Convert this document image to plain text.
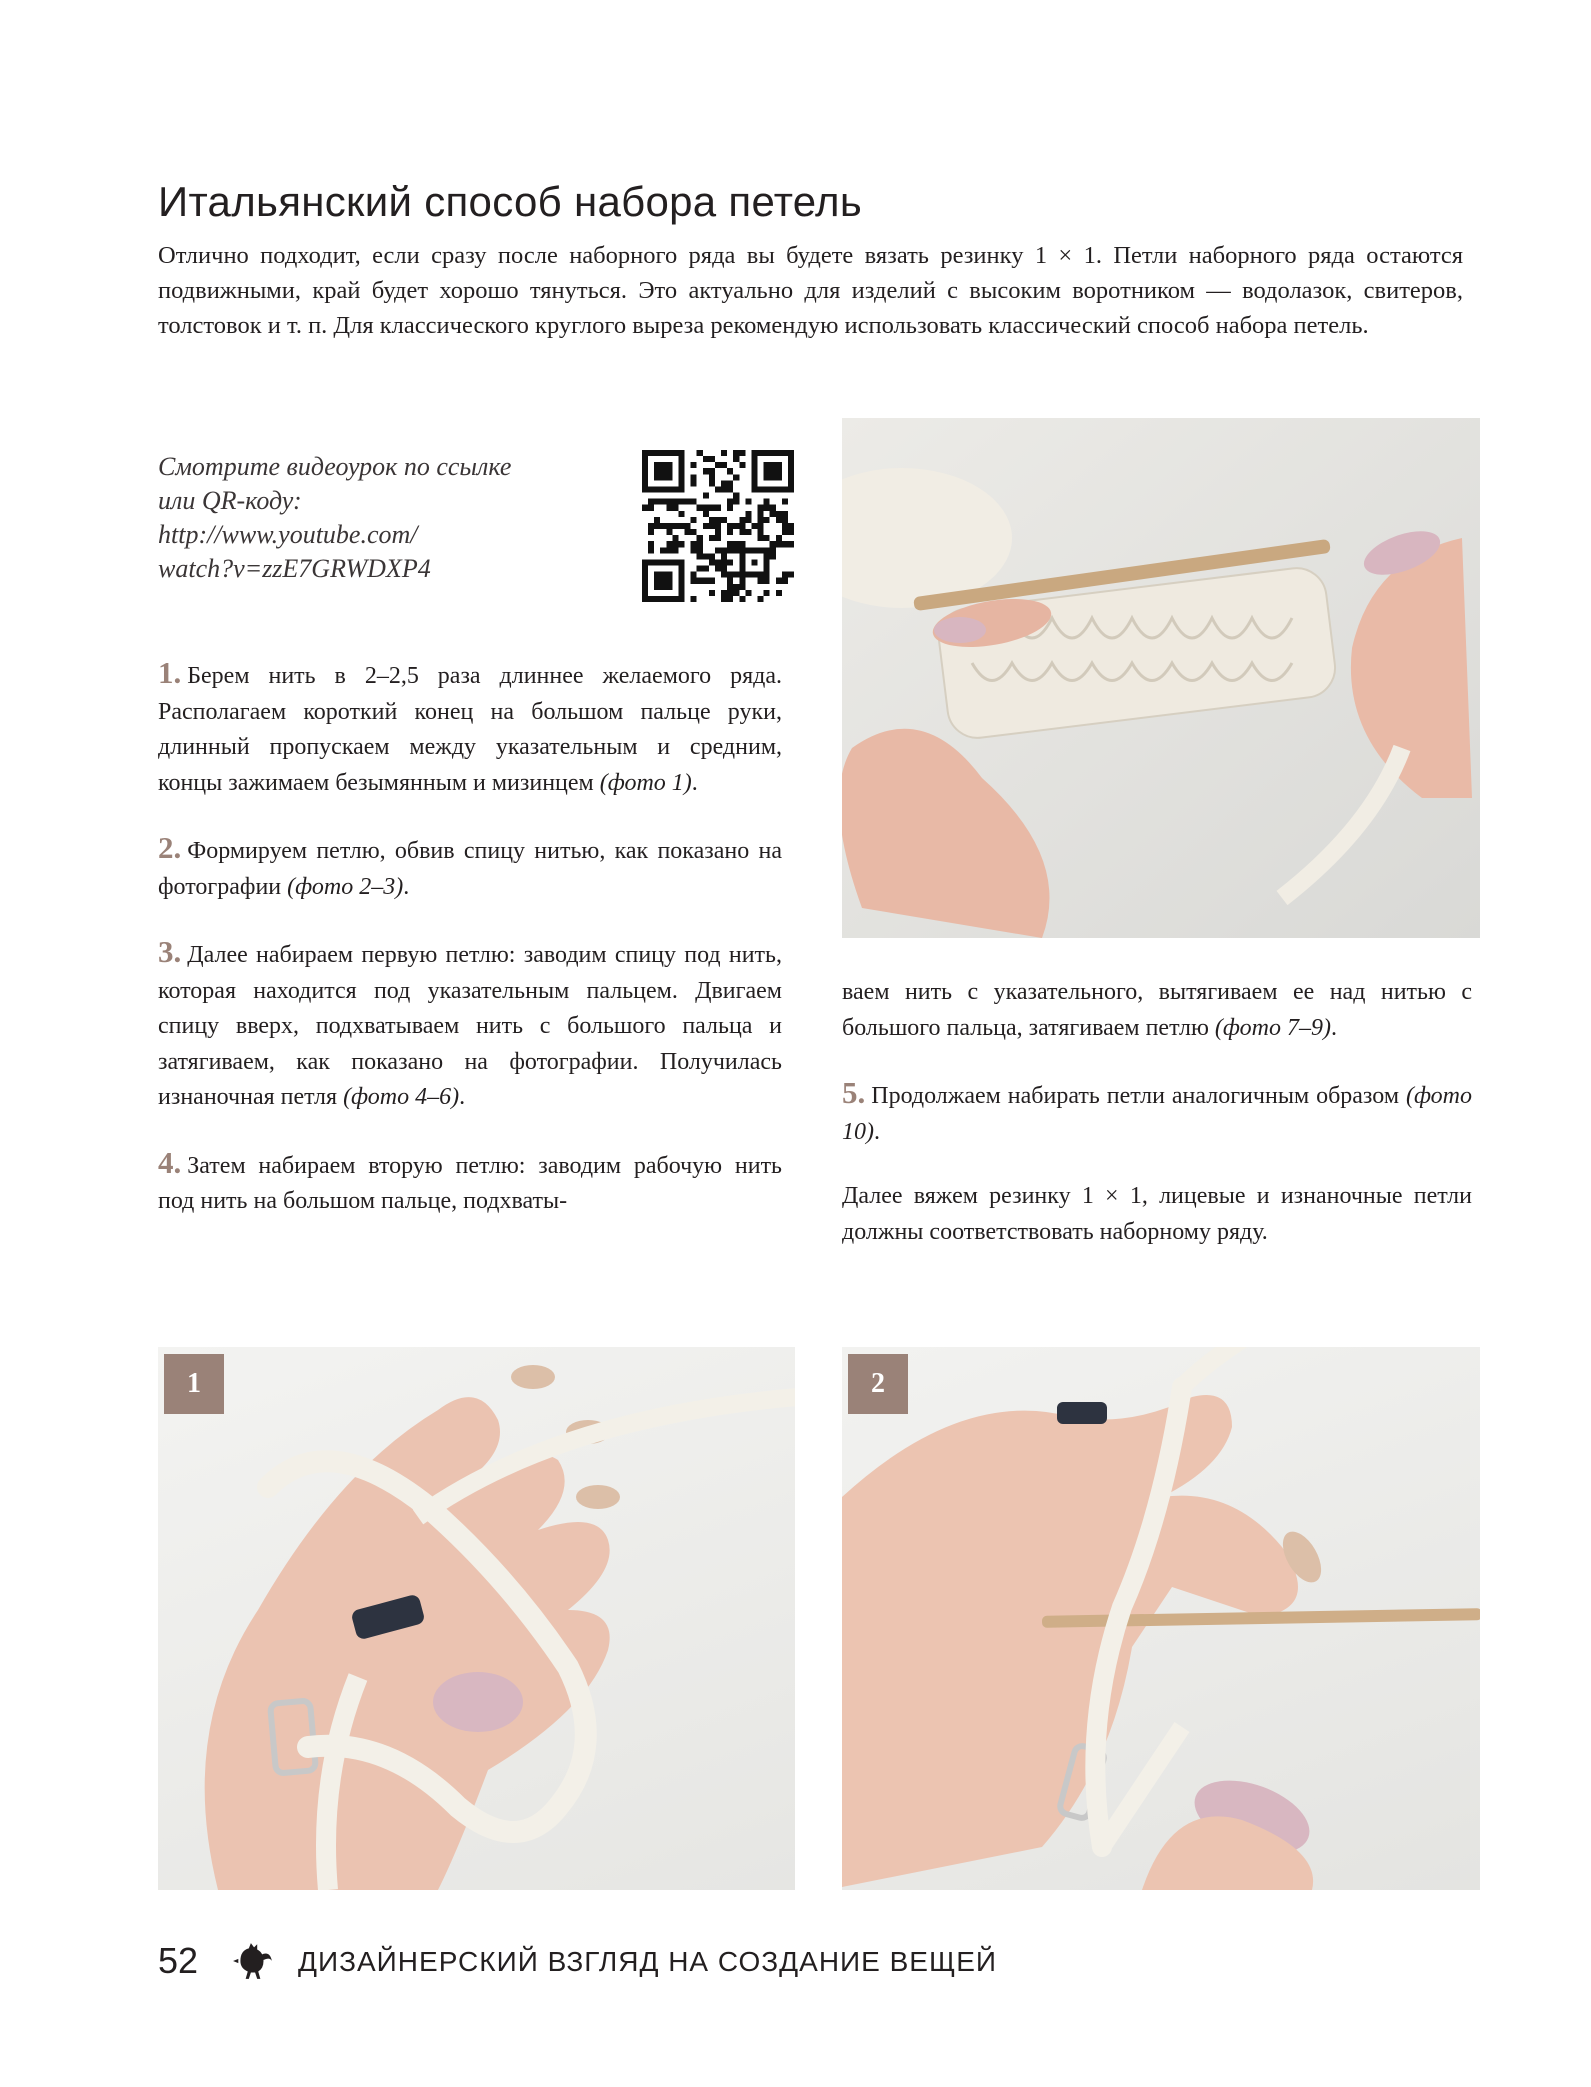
Итальянский способ набора петель
Отлично подходит, если сразу после наборного ряда вы будете вязать резинку 1 × 1. Петли наборного ряда остаются подвижными, край будет хорошо тянуться. Это актуально для изделий с высоким воротником — водолазок, свитеров, толстовок и т. п. Для классического круглого выреза рекомендую использовать классический способ набора петель.
Смотрите видеоурок по ссылке
или QR-коду:
http://www.youtube.com/
watch?v=zzE7GRWDXP4

1. Берем нить в 2–2,5 раза длиннее желаемого ряда. Располагаем короткий конец на большом пальце руки, длинный пропускаем между указательным и средним, концы зажимаем безымянным и мизинцем (фото 1).

2. Формируем петлю, обвив спицу нитью, как показано на фотографии (фото 2–3).

3. Далее набираем первую петлю: заводим спицу под нить, которая находится под указательным пальцем. Двигаем спицу вверх, подхватываем нить с большого пальца и затягиваем, как показано на фотографии. Получилась изнаночная петля (фото 4–6).

4. Затем набираем вторую петлю: заводим рабочую нить под нить на большом пальце, подхваты-

ваем нить с указательного, вытягиваем ее над нитью с большого пальца, затягиваем петлю (фото 7–9).

5. Продолжаем набирать петли аналогичным образом (фото 10).

Далее вяжем резинку 1 × 1, лицевые и изнаночные петли должны соответствовать наборному ряду.

1	2
52	ДИЗАЙНЕРСКИЙ ВЗГЛЯД НА СОЗДАНИЕ ВЕЩЕЙ
